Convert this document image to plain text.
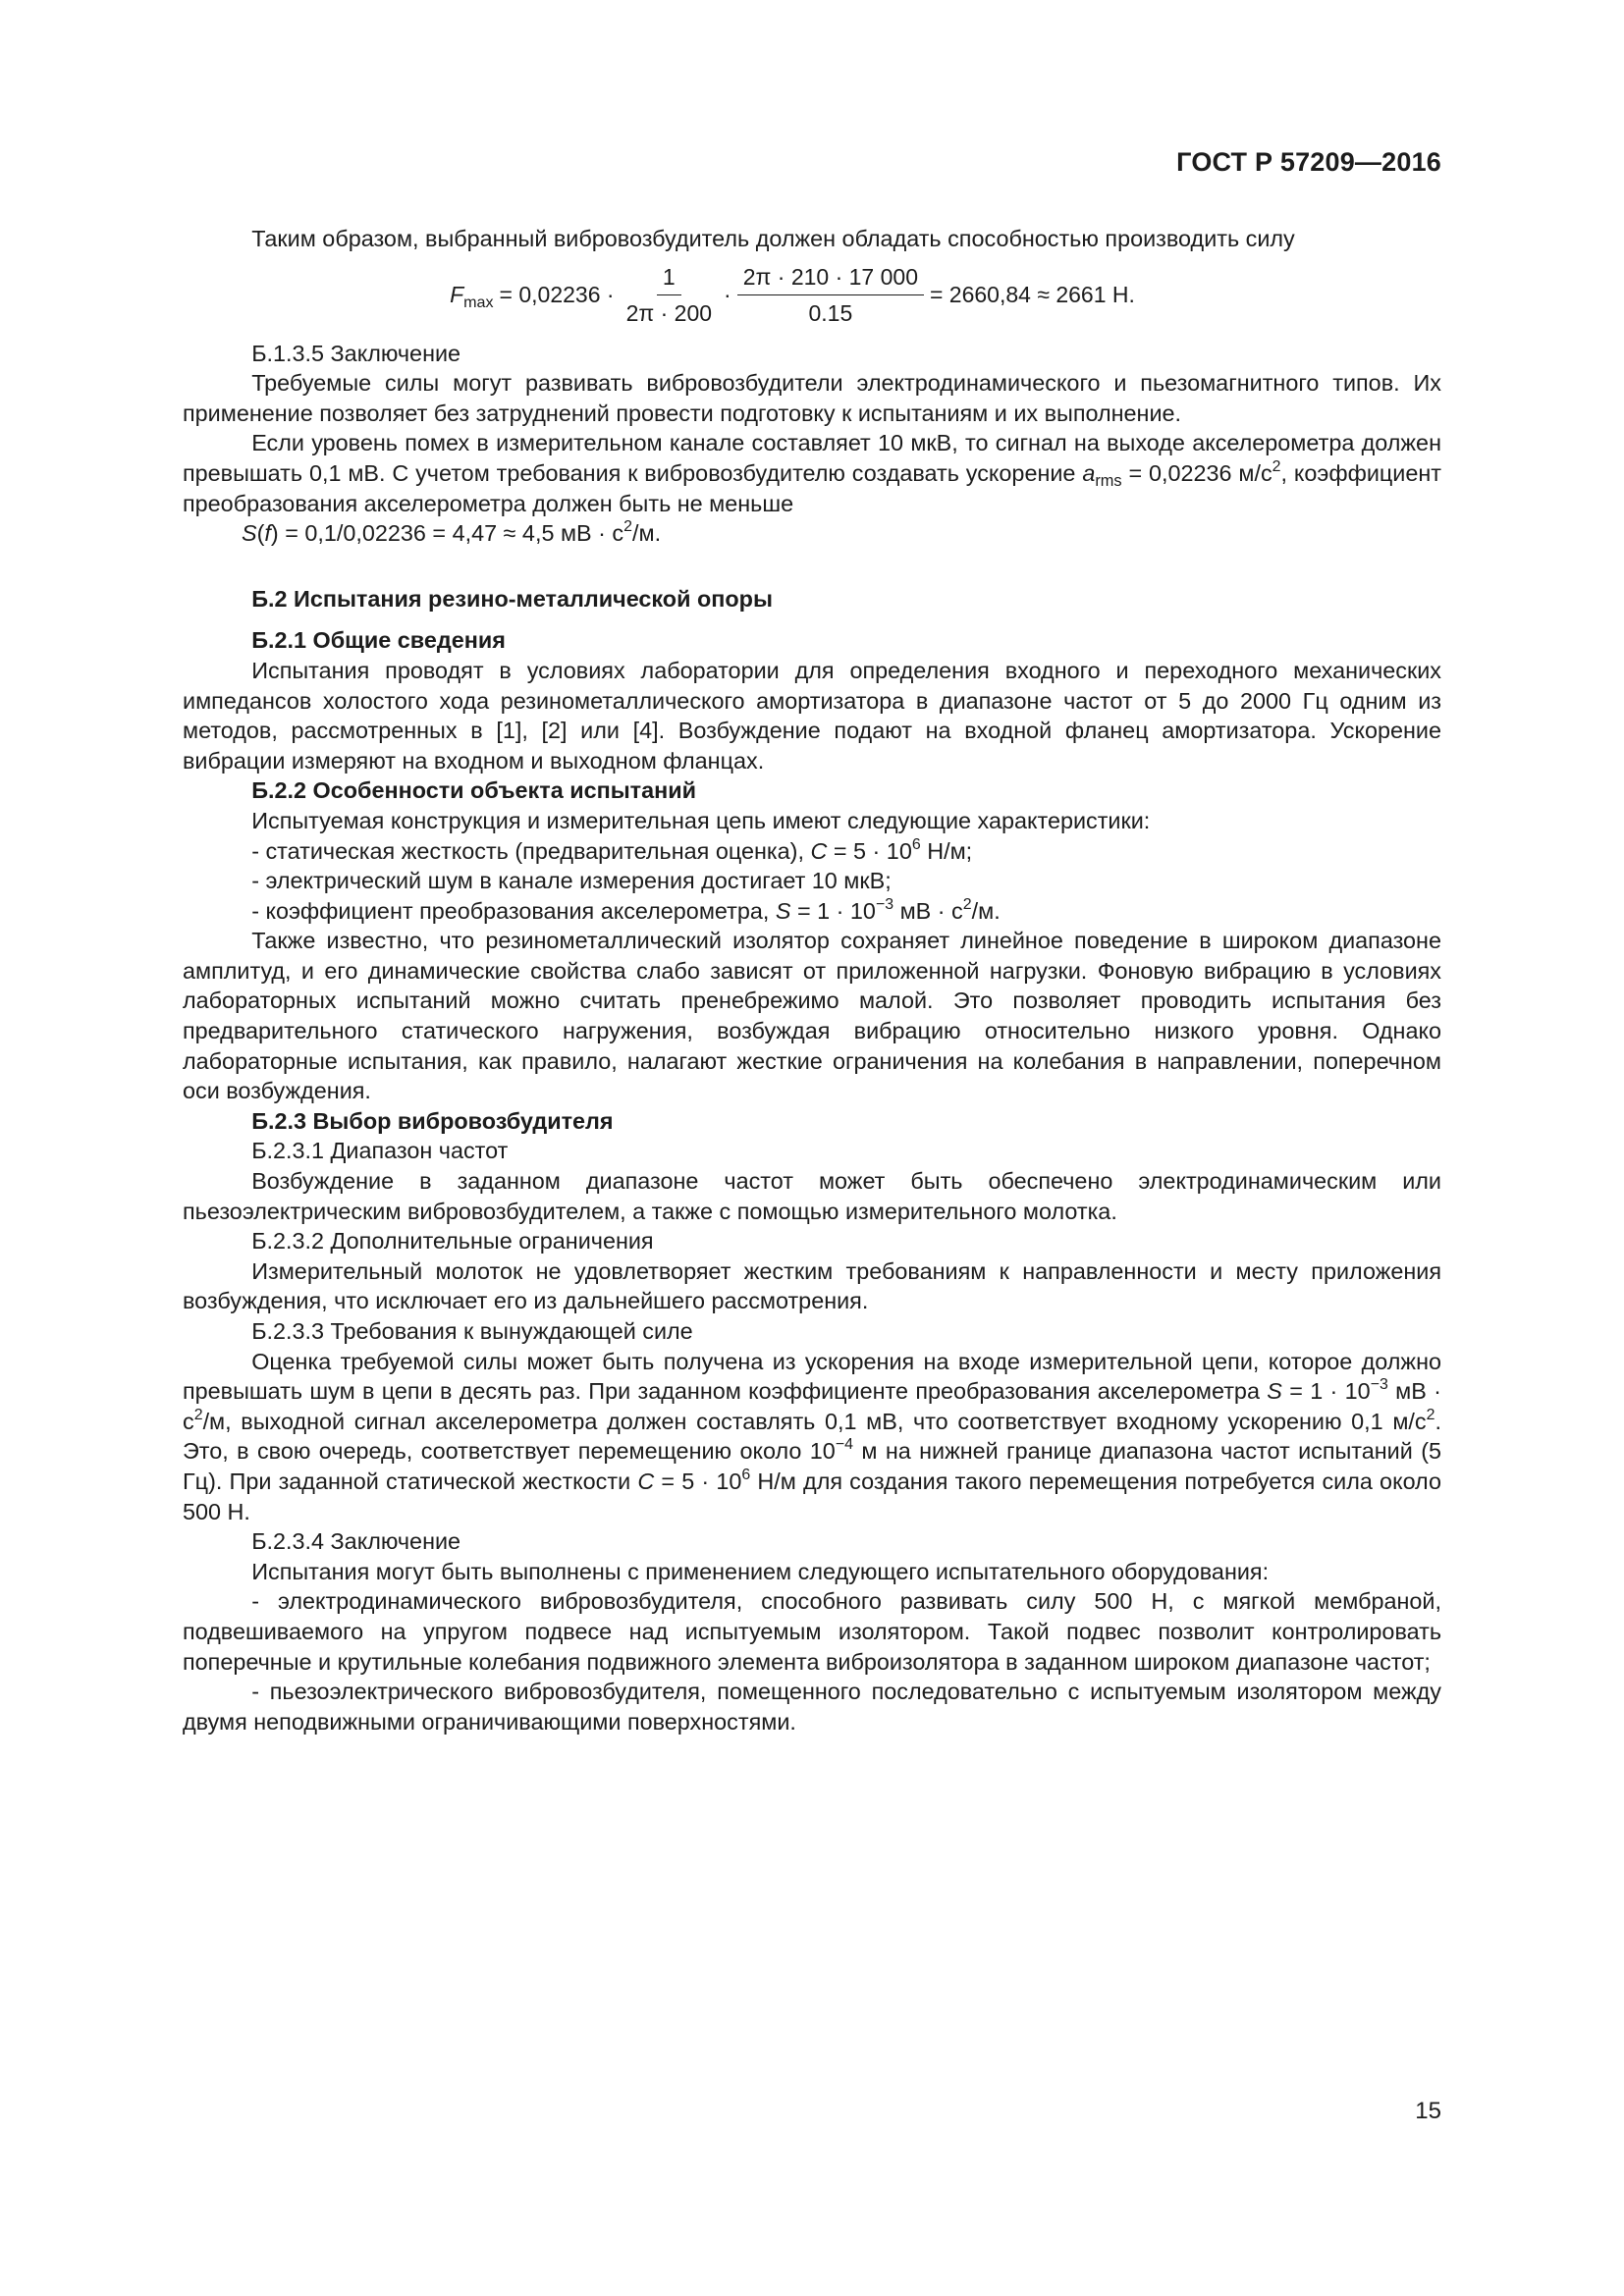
ГОСТ Р 57209—2016

Таким образом, выбранный вибровозбудитель должен обладать способностью производить силу

$F_{max} = 0,02236 \cdot \frac{1}{2\pi \cdot 200} \cdot \frac{2\pi \cdot 210 \cdot 17 000}{0.15} = 2660,84 \approx 2661$ Н.

Б.1.3.5 Заключение

Требуемые силы могут развивать вибровозбудители электродинамического и пьезомагнитного типов. Их применение позволяет без затруднений провести подготовку к испытаниям и их выполнение.

Если уровень помех в измерительном канале составляет 10 мкВ, то сигнал на выходе акселерометра должен превышать 0,1 мВ. С учетом требования к вибровозбудителю создавать ускорение $a_{rms} = 0,02236$ $м/с^2$, коэффициент преобразования акселерометра должен быть не меньше

S(f) = 0,1/0,02236 = 4,47 ≈ 4,5 мВ · $с^2/м$.

Б.2 Испытания резино-металлической опоры

Б.2.1 Общие сведения

Испытания проводят в условиях лаборатории для определения входного и переходного механических импедансов холостого хода резинометаллического амортизатора в диапазоне частот от 5 до 2000 Гц одним из методов, рассмотренных в [1], [2] или [4]. Возбуждение подают на входной фланец амортизатора. Ускорение вибрации измеряют на входном и выходном фланцах.

Б.2.2 Особенности объекта испытаний

Испытуемая конструкция и измерительная цепь имеют следующие характеристики:

- статическая жесткость (предварительная оценка), $C = 5 \cdot 10^6$ Н/м;

- электрический шум в канале измерения достигает 10 мкВ;

- коэффициент преобразования акселерометра, $S = 1 \cdot 10^{-3}$ мВ · $с^2/м$.

Также известно, что резинометаллический изолятор сохраняет линейное поведение в широком диапазоне амплитуд, и его динамические свойства слабо зависят от приложенной нагрузки. Фоновую вибрацию в условиях лабораторных испытаний можно считать пренебрежимо малой. Это позволяет проводить испытания без предварительного статического нагружения, возбуждая вибрацию относительно низкого уровня. Однако лабораторные испытания, как правило, налагают жесткие ограничения на колебания в направлении, поперечном оси возбуждения.

Б.2.3 Выбор вибровозбудителя

Б.2.3.1 Диапазон частот

Возбуждение в заданном диапазоне частот может быть обеспечено электродинамическим или пьезоэлектрическим вибровозбудителем, а также с помощью измерительного молотка.

Б.2.3.2 Дополнительные ограничения

Измерительный молоток не удовлетворяет жестким требованиям к направленности и месту приложения возбуждения, что исключает его из дальнейшего рассмотрения.

Б.2.3.3 Требования к вынуждающей силе

Оценка требуемой силы может быть получена из ускорения на входе измерительной цепи, которое должно превышать шум в цепи в десять раз. При заданном коэффициенте преобразования акселерометра $S = 1 \cdot 10^{-3}$ мВ · $с^2/м$, выходной сигнал акселерометра должен составлять 0,1 мВ, что соответствует входному ускорению 0,1 $м/с^2$. Это, в свою очередь, соответствует перемещению около $10^{-4}$ м на нижней границе диапазона частот испытаний (5 Гц). При заданной статической жесткости $C = 5 \cdot 10^6$ Н/м для создания такого перемещения потребуется сила около 500 Н.

Б.2.3.4 Заключение

Испытания могут быть выполнены с применением следующего испытательного оборудования:

- электродинамического вибровозбудителя, способного развивать силу 500 Н, с мягкой мембраной, подвешиваемого на упругом подвесе над испытуемым изолятором. Такой подвес позволит контролировать поперечные и крутильные колебания подвижного элемента виброизолятора в заданном широком диапазоне частот;

- пьезоэлектрического вибровозбудителя, помещенного последовательно с испытуемым изолятором между двумя неподвижными ограничивающими поверхностями.

15
